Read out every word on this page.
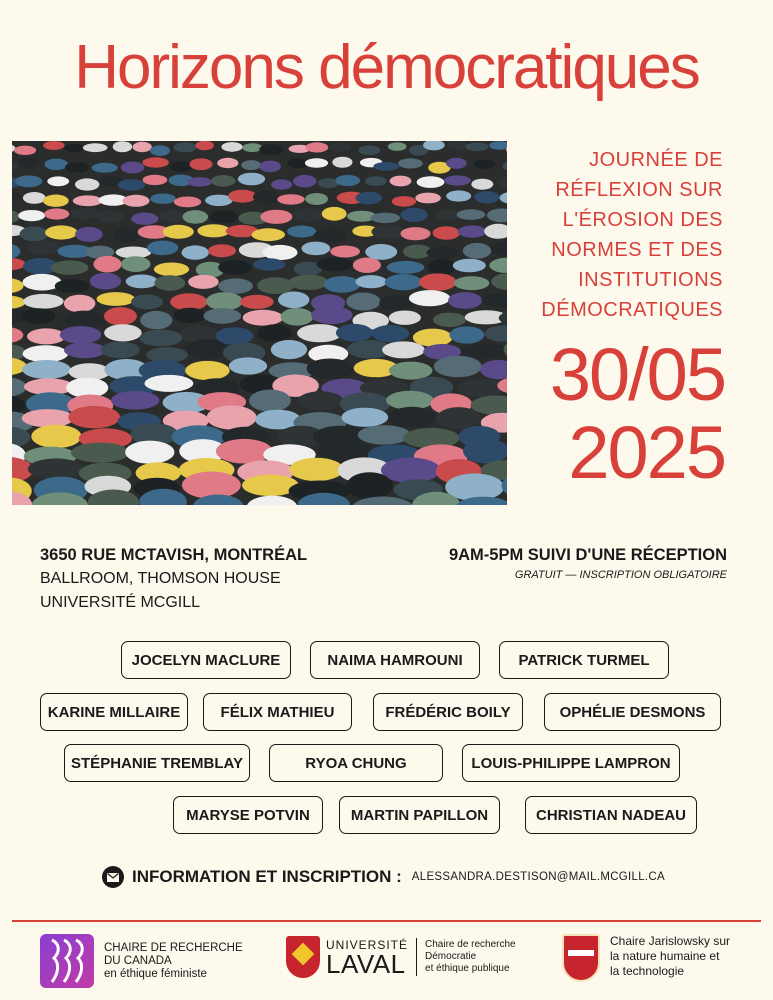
Horizons démocratiques
JOURNÉE DE
RÉFLEXION SUR
L'ÉROSION DES
NORMES ET DES
INSTITUTIONS
DÉMOCRATIQUES
30/05
2025
3650 RUE MCTAVISH, MONTRÉAL
BALLROOM, THOMSON HOUSE
UNIVERSITÉ MCGILL
9AM-5PM SUIVI D'UNE RÉCEPTION
GRATUIT — INSCRIPTION OBLIGATOIRE
JOCELYN MACLURE	NAIMA HAMROUNI	PATRICK TURMEL
KARINE MILLAIRE	FÉLIX MATHIEU	FRÉDÉRIC BOILY	OPHÉLIE DESMONS
STÉPHANIE TREMBLAY	RYOA CHUNG	LOUIS-PHILIPPE LAMPRON
MARYSE POTVIN	MARTIN PAPILLON	CHRISTIAN NADEAU
INFORMATION ET INSCRIPTION : ALESSANDRA.DESTISON@MAIL.MCGILL.CA
CHAIRE DE RECHERCHE
DU CANADA
en éthique féministe
UNIVERSITÉ
LAVAL
Chaire de recherche
Démocratie
et éthique publique
Chaire Jarislowsky sur
la nature humaine et
la technologie
